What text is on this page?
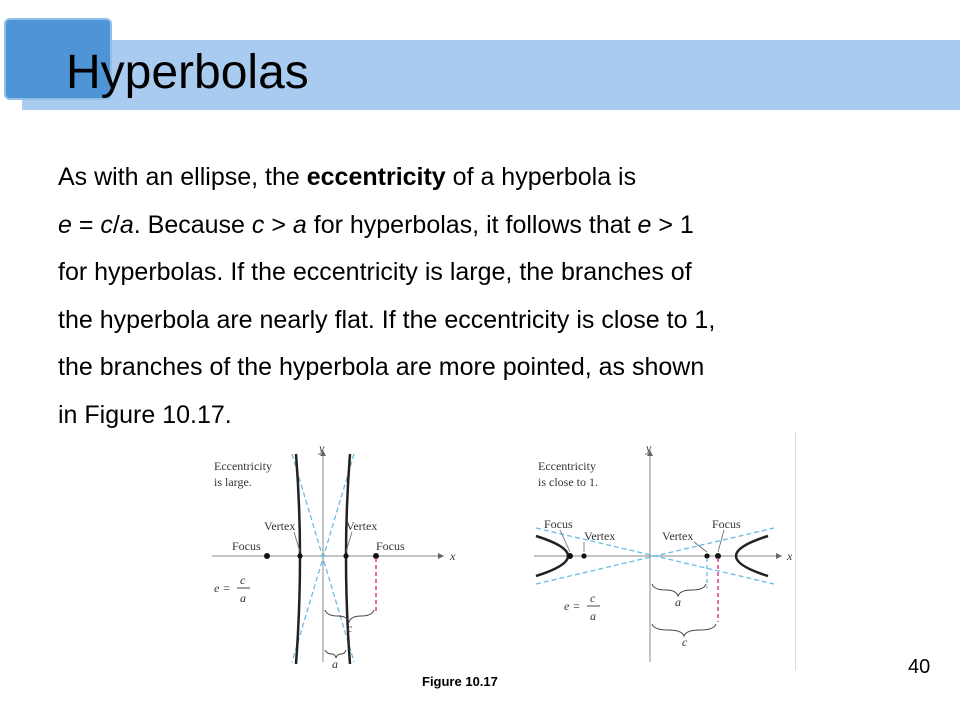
Hyperbolas
As with an ellipse, the eccentricity of a hyperbola is
e = c/a. Because c > a for hyperbolas, it follows that e > 1
for hyperbolas. If the eccentricity is large, the branches of
the hyperbola are nearly flat. If the eccentricity is close to 1,
the branches of the hyperbola are more pointed, as shown
in Figure 10.17.
x
y
Eccentricity
is large.
Vertex	Vertex
Focus	Focus
e =
c
a
c
a
x
y
Eccentricity
is close to 1.
Focus
Vertex	Vertex
Focus
e =
c
a
a
c
Figure 10.17
40
